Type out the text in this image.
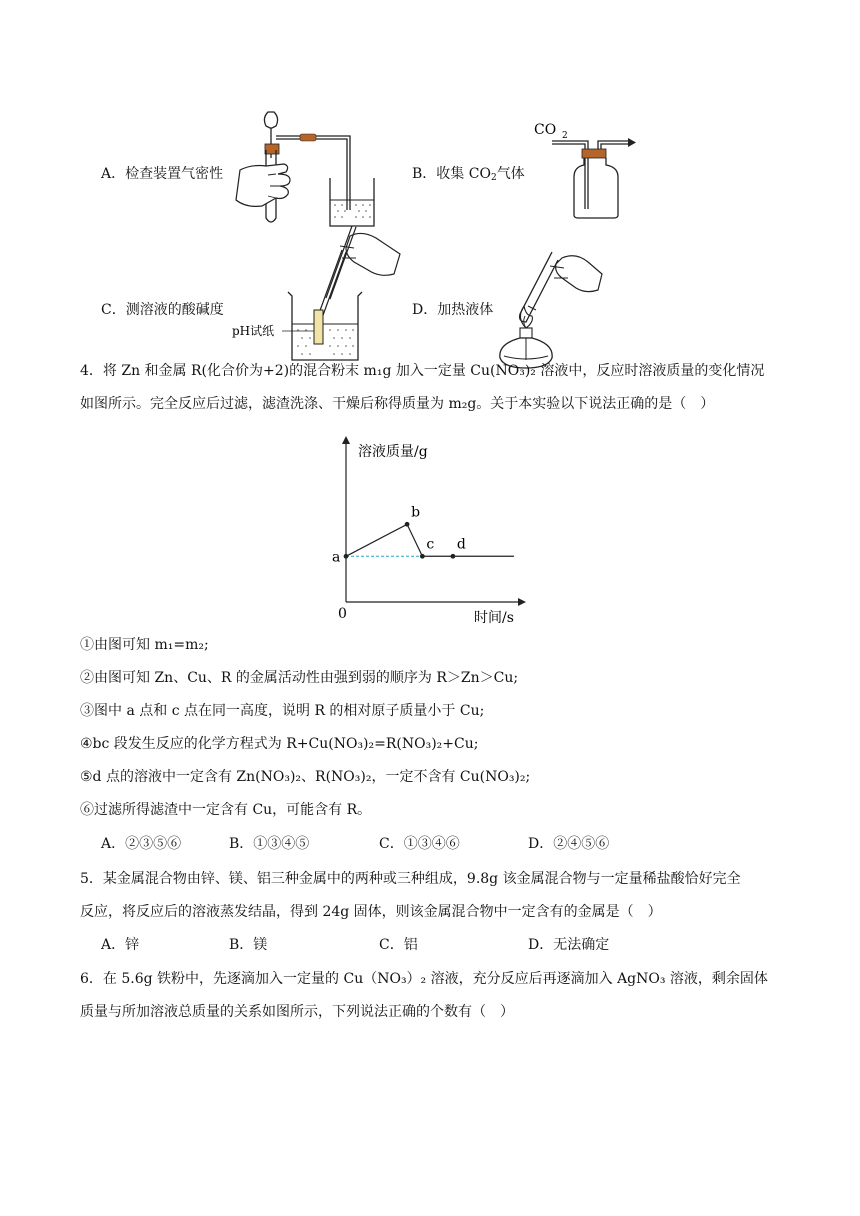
A．检查装置气密性	B．收集 $CO_2$气体
CO 2
C．测溶液的酸碱度
pH试纸
D．加热液体
4．将 Zn 和金属 R(化合价为+2)的混合粉末 m₁g 加入一定量 Cu(NO₃)₂ 溶液中，反应时溶液质量的变化情况
如图所示。完全反应后过滤，滤渣洗涤、干燥后称得质量为 m₂g。关于本实验以下说法正确的是（　）
溶液质量/g
时间/s
0
a
b
c d
①由图可知 m₁=m₂;
②由图可知 Zn、Cu、R 的金属活动性由强到弱的顺序为 R＞Zn＞Cu;
③图中 a 点和 c 点在同一高度，说明 R 的相对原子质量小于 Cu;
④bc 段发生反应的化学方程式为 R+Cu(NO₃)₂=R(NO₃)₂+Cu;
⑤d 点的溶液中一定含有 Zn(NO₃)₂、R(NO₃)₂，一定不含有 Cu(NO₃)₂;
⑥过滤所得滤渣中一定含有 Cu，可能含有 R。
A．②③⑤⑥	B．①③④⑤	C．①③④⑥	D．②④⑤⑥
5．某金属混合物由锌、镁、铝三种金属中的两种或三种组成，9.8g 该金属混合物与一定量稀盐酸恰好完全
反应，将反应后的溶液蒸发结晶，得到 24g 固体，则该金属混合物中一定含有的金属是（　）
A．锌	B．镁	C．铝	D．无法确定
6．在 5.6g 铁粉中，先逐滴加入一定量的 Cu（NO₃）₂ 溶液，充分反应后再逐滴加入 AgNO₃ 溶液，剩余固体
质量与所加溶液总质量的关系如图所示，下列说法正确的个数有（　）
